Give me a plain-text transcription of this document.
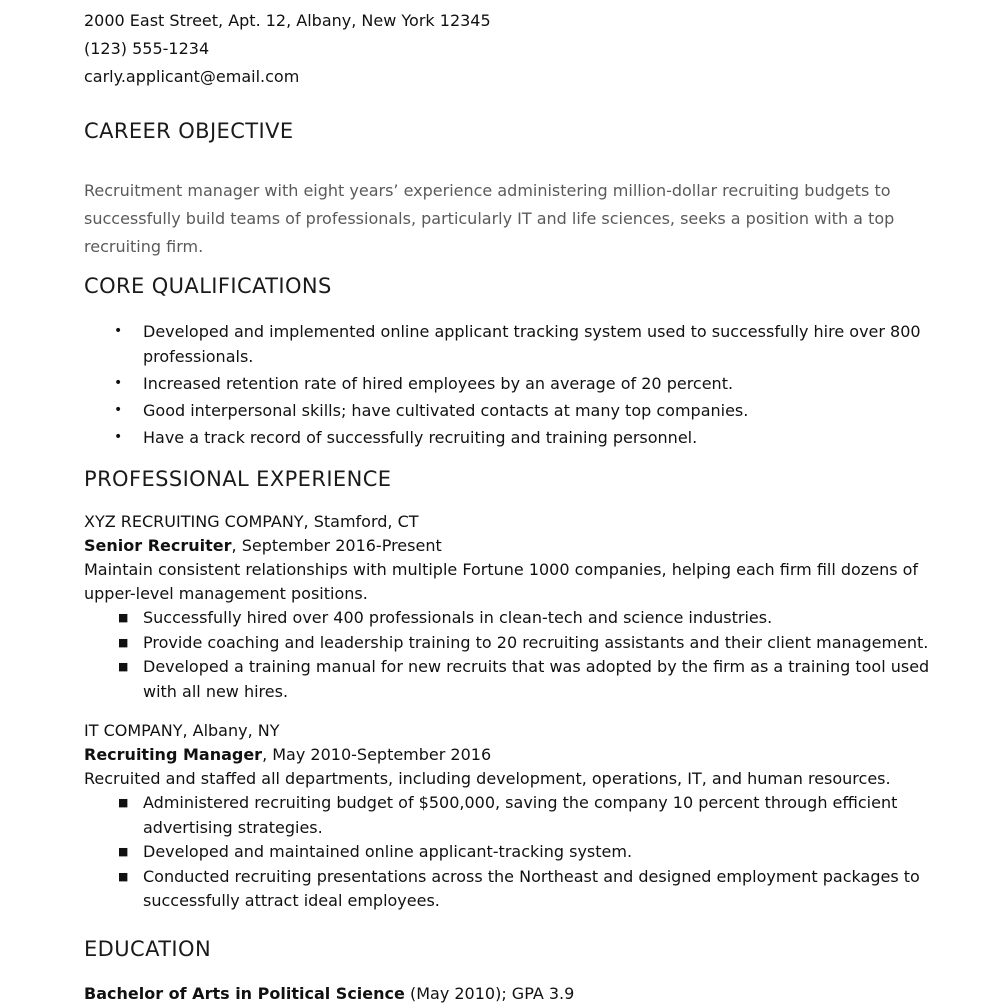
2000 East Street, Apt. 12, Albany, New York 12345
(123) 555-1234
carly.applicant@email.com
CAREER OBJECTIVE
Recruitment manager with eight years’ experience administering million-dollar recruiting budgets to successfully build teams of professionals, particularly IT and life sciences, seeks a position with a top recruiting firm.
CORE QUALIFICATIONS
• Developed and implemented online applicant tracking system used to successfully hire over 800 professionals.
• Increased retention rate of hired employees by an average of 20 percent.
• Good interpersonal skills; have cultivated contacts at many top companies.
• Have a track record of successfully recruiting and training personnel.
PROFESSIONAL EXPERIENCE
XYZ RECRUITING COMPANY, Stamford, CT
Senior Recruiter, September 2016-Present
Maintain consistent relationships with multiple Fortune 1000 companies, helping each firm fill dozens of upper-level management positions.
■ Successfully hired over 400 professionals in clean-tech and science industries.
■ Provide coaching and leadership training to 20 recruiting assistants and their client management.
■ Developed a training manual for new recruits that was adopted by the firm as a training tool used with all new hires.
IT COMPANY, Albany, NY
Recruiting Manager, May 2010-September 2016
Recruited and staffed all departments, including development, operations, IT, and human resources.
■ Administered recruiting budget of $500,000, saving the company 10 percent through efficient advertising strategies.
■ Developed and maintained online applicant-tracking system.
■ Conducted recruiting presentations across the Northeast and designed employment packages to successfully attract ideal employees.
EDUCATION
Bachelor of Arts in Political Science (May 2010); GPA 3.9
